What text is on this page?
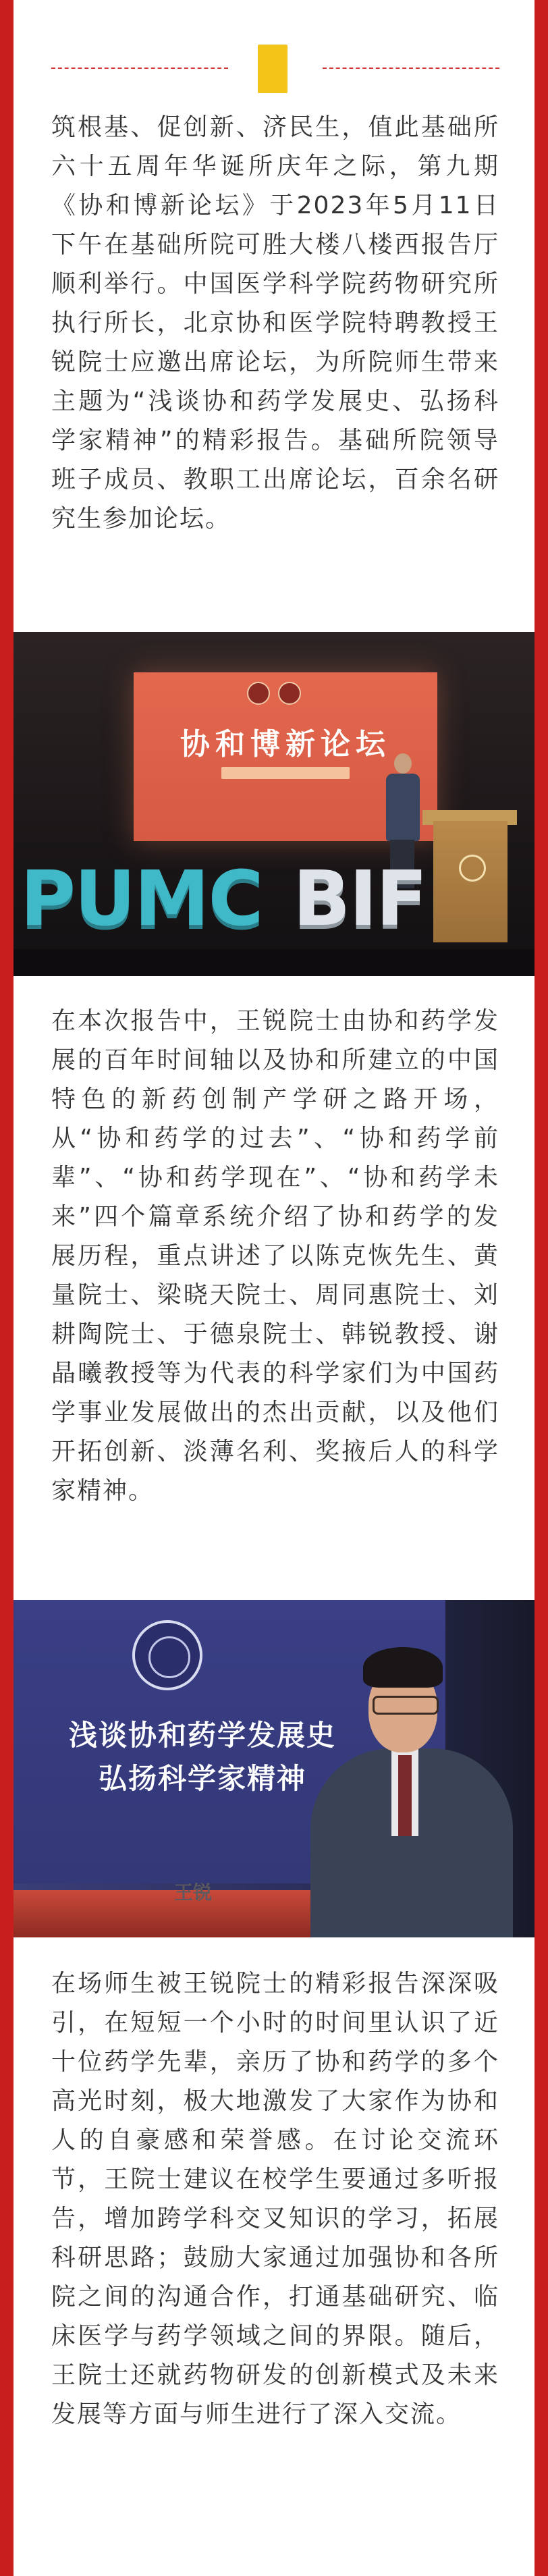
筑根基、促创新、济民生，值此基础所六十五周年华诞所庆年之际，第九期《协和博新论坛》于2023年5月11日下午在基础所院可胜大楼八楼西报告厅顺利举行。中国医学科学院药物研究所执行所长，北京协和医学院特聘教授王锐院士应邀出席论坛，为所院师生带来主题为“浅谈协和药学发展史、弘扬科学家精神”的精彩报告。基础所院领导班子成员、教职工出席论坛，百余名研究生参加论坛。

协和博新论坛
PUMC BIF

在本次报告中，王锐院士由协和药学发展的百年时间轴以及协和所建立的中国特色的新药创制产学研之路开场，从“协和药学的过去”、“协和药学前辈”、“协和药学现在”、“协和药学未来”四个篇章系统介绍了协和药学的发展历程，重点讲述了以陈克恢先生、黄量院士、梁晓天院士、周同惠院士、刘耕陶院士、于德泉院士、韩锐教授、谢晶曦教授等为代表的科学家们为中国药学事业发展做出的杰出贡献，以及他们开拓创新、淡薄名利、奖掖后人的科学家精神。

浅谈协和药学发展史
弘扬科学家精神
王锐

在场师生被王锐院士的精彩报告深深吸引，在短短一个小时的时间里认识了近十位药学先辈，亲历了协和药学的多个高光时刻，极大地激发了大家作为协和人的自豪感和荣誉感。在讨论交流环节，王院士建议在校学生要通过多听报告，增加跨学科交叉知识的学习，拓展科研思路；鼓励大家通过加强协和各所院之间的沟通合作，打通基础研究、临床医学与药学领域之间的界限。随后，王院士还就药物研发的创新模式及未来发展等方面与师生进行了深入交流。
